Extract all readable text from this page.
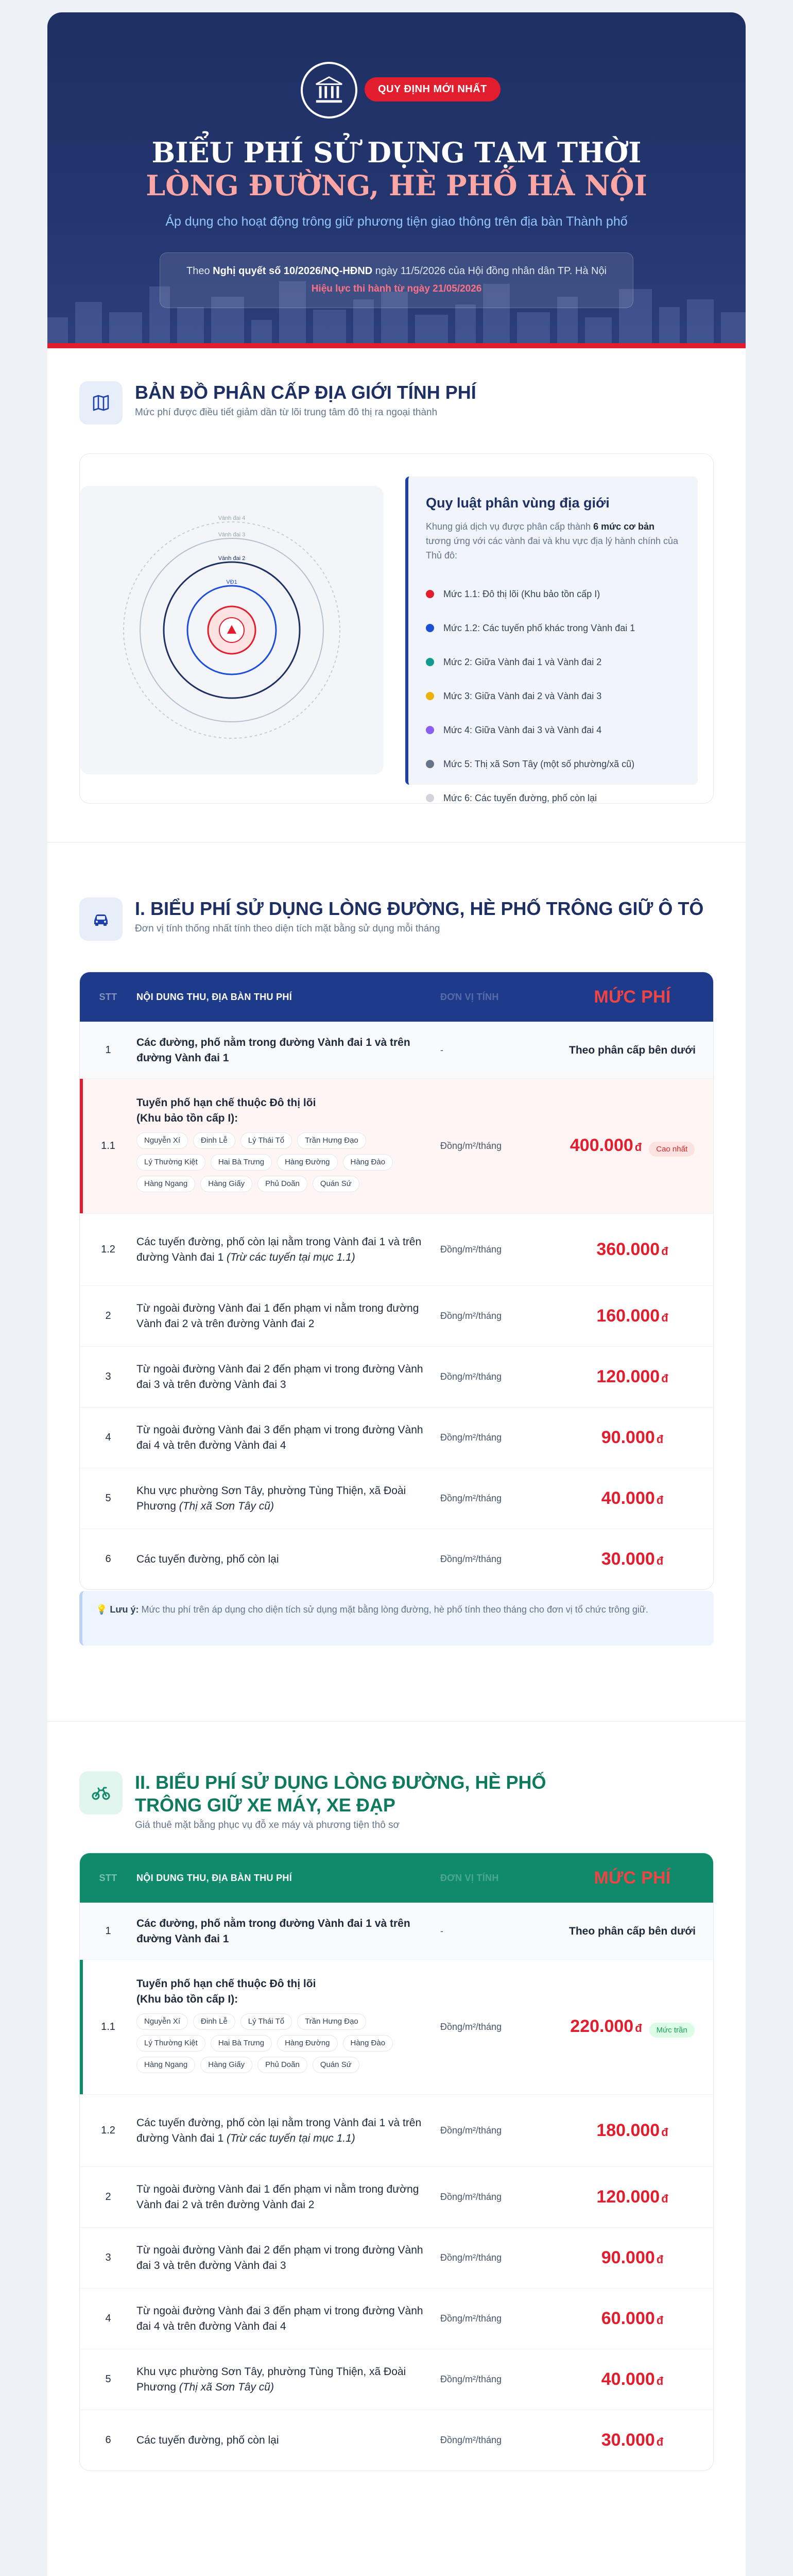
QUY ĐỊNH MỚI NHẤT
BIỂU PHÍ SỬ DỤNG TẠM THỜI
LÒNG ĐƯỜNG, HÈ PHỐ HÀ NỘI
Áp dụng cho hoạt động trông giữ phương tiện giao thông trên địa bàn Thành phố
Theo Nghị quyết số 10/2026/NQ-HĐND ngày 11/5/2026 của Hội đồng nhân dân TP. Hà Nội
Hiệu lực thi hành từ ngày 21/05/2026
BẢN ĐỒ PHÂN CẤP ĐỊA GIỚI TÍNH PHÍ

Mức phí được điều tiết giảm dần từ lõi trung tâm đô thị ra ngoại thành

Vành đai 4
Vành đai 3
Vành đai 2
VĐ1
Quy luật phân vùng địa giới
Khung giá dịch vụ được phân cấp thành 6 mức cơ bản tương ứng với các vành đai và khu vực địa lý hành chính của Thủ đô:
Mức 1.1: Đô thị lõi (Khu bảo tồn cấp I)
Mức 1.2: Các tuyến phố khác trong Vành đai 1
Mức 2: Giữa Vành đai 1 và Vành đai 2
Mức 3: Giữa Vành đai 2 và Vành đai 3
Mức 4: Giữa Vành đai 3 và Vành đai 4
Mức 5: Thị xã Sơn Tây (một số phường/xã cũ)
Mức 6: Các tuyến đường, phố còn lại
I. BIỂU PHÍ SỬ DỤNG LÒNG ĐƯỜNG, HÈ PHỐ TRÔNG GIỮ Ô TÔ

Đơn vị tính thống nhất tính theo diện tích mặt bằng sử dụng mỗi tháng

STT	NỘI DUNG THU, ĐỊA BÀN THU PHÍ	ĐƠN VỊ TÍNH	MỨC PHÍ
1
Các đường, phố nằm trong đường Vành đai 1 và trên đường Vành đai 1
-	Theo phân cấp bên dưới
1.1
Tuyến phố hạn chế thuộc Đô thị lõi
(Khu bảo tồn cấp I):
Nguyễn Xí	Đinh Lễ	Lý Thái Tổ	Trần Hưng Đạo
Lý Thường Kiệt	Hai Bà Trưng	Hàng Đường	Hàng Đào
Hàng Ngang	Hàng Giấy	Phủ Doãn	Quán Sứ
Đồng/m²/tháng	400.000 đ Cao nhất
1.2
Các tuyến đường, phố còn lại nằm trong Vành đai 1 và trên đường Vành đai 1 (Trừ các tuyến tại mục 1.1)
Đồng/m²/tháng	360.000 đ
2
Từ ngoài đường Vành đai 1 đến phạm vi nằm trong đường Vành đai 2 và trên đường Vành đai 2
Đồng/m²/tháng	160.000 đ
3
Từ ngoài đường Vành đai 2 đến phạm vi trong đường Vành đai 3 và trên đường Vành đai 3
Đồng/m²/tháng	120.000 đ
4
Từ ngoài đường Vành đai 3 đến phạm vi trong đường Vành đai 4 và trên đường Vành đai 4
Đồng/m²/tháng	90.000 đ
5
Khu vực phường Sơn Tây, phường Tùng Thiện, xã Đoài Phương (Thị xã Sơn Tây cũ)
Đồng/m²/tháng	40.000 đ
6	Các tuyến đường, phố còn lại	Đồng/m²/tháng	30.000 đ
💡 Lưu ý: Mức thu phí trên áp dụng cho diện tích sử dụng mặt bằng lòng đường, hè phố tính theo tháng cho đơn vị tổ chức trông giữ.
II. BIỂU PHÍ SỬ DỤNG LÒNG ĐƯỜNG, HÈ PHỐ
TRÔNG GIỮ XE MÁY, XE ĐẠP

Giá thuê mặt bằng phục vụ đỗ xe máy và phương tiện thô sơ

STT	NỘI DUNG THU, ĐỊA BÀN THU PHÍ	ĐƠN VỊ TÍNH	MỨC PHÍ
1
Các đường, phố nằm trong đường Vành đai 1 và trên đường Vành đai 1
-	Theo phân cấp bên dưới
1.1
Tuyến phố hạn chế thuộc Đô thị lõi
(Khu bảo tồn cấp I):
Nguyễn Xí	Đinh Lễ	Lý Thái Tổ	Trần Hưng Đạo
Lý Thường Kiệt	Hai Bà Trưng	Hàng Đường	Hàng Đào
Hàng Ngang	Hàng Giấy	Phủ Doãn	Quán Sứ
Đồng/m²/tháng	220.000 đ Mức trần
1.2
Các tuyến đường, phố còn lại nằm trong Vành đai 1 và trên đường Vành đai 1 (Trừ các tuyến tại mục 1.1)
Đồng/m²/tháng	180.000 đ
2
Từ ngoài đường Vành đai 1 đến phạm vi nằm trong đường Vành đai 2 và trên đường Vành đai 2
Đồng/m²/tháng	120.000 đ
3
Từ ngoài đường Vành đai 2 đến phạm vi trong đường Vành đai 3 và trên đường Vành đai 3
Đồng/m²/tháng	90.000 đ
4
Từ ngoài đường Vành đai 3 đến phạm vi trong đường Vành đai 4 và trên đường Vành đai 4
Đồng/m²/tháng	60.000 đ
5
Khu vực phường Sơn Tây, phường Tùng Thiện, xã Đoài Phương (Thị xã Sơn Tây cũ)
Đồng/m²/tháng	40.000 đ
6	Các tuyến đường, phố còn lại	Đồng/m²/tháng	30.000 đ
